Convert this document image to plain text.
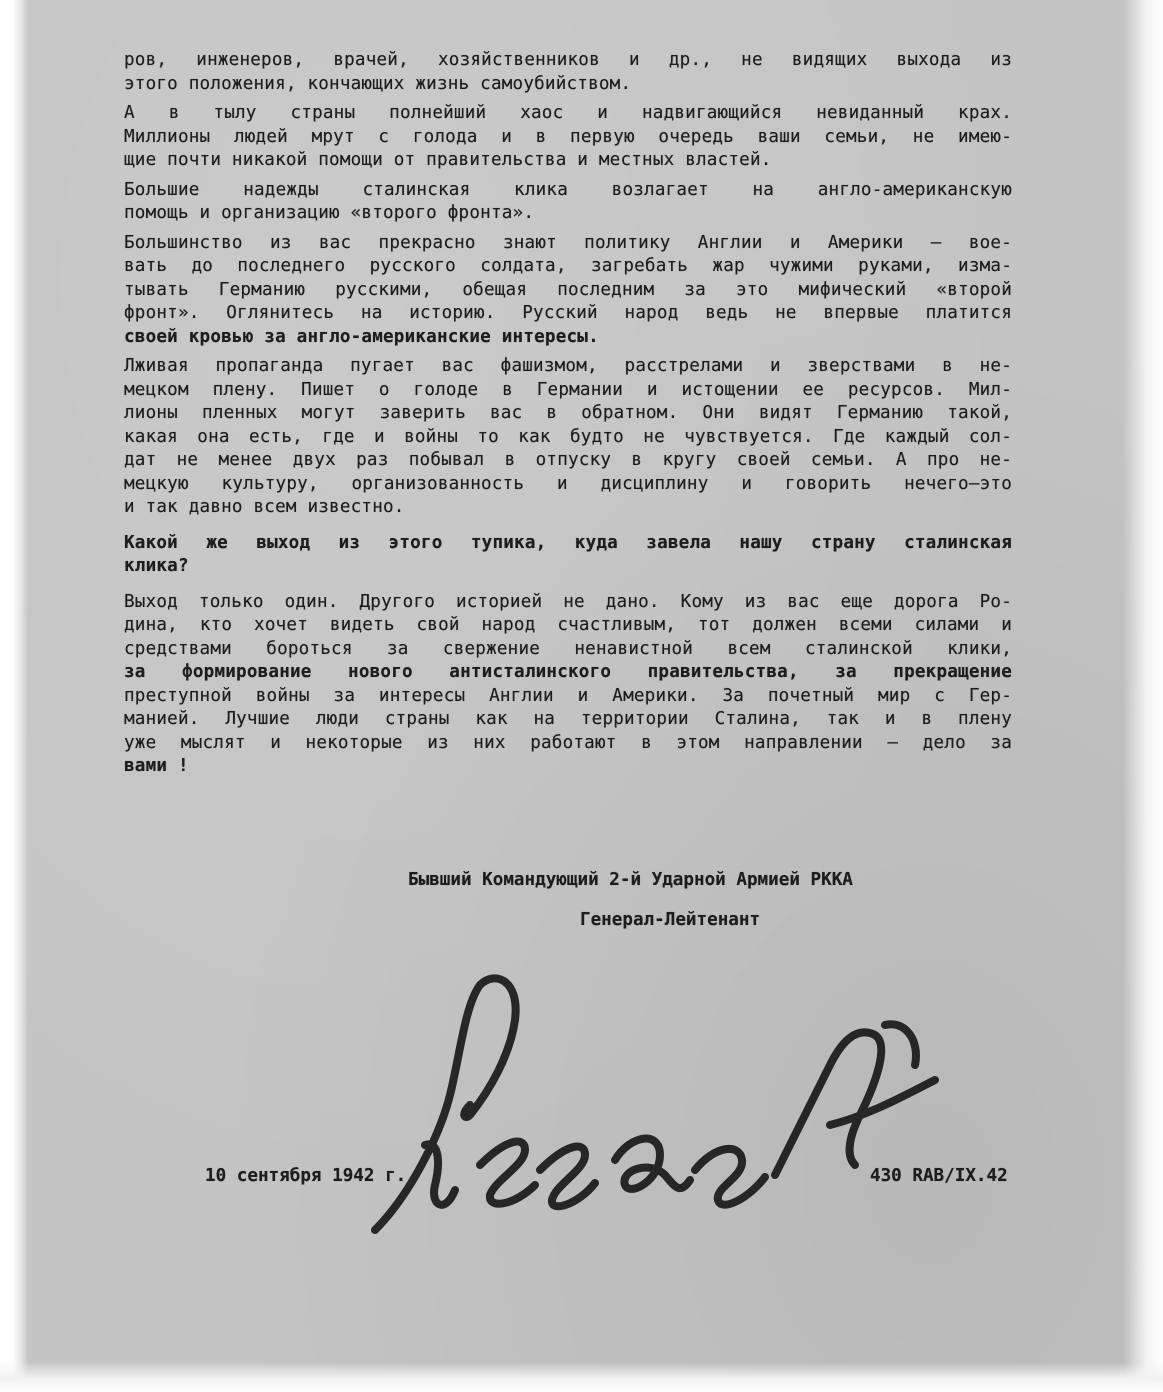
ров, инженеров, врачей, хозяйственников и др., не видящих выхода из
этого положения, кончающих жизнь самоубийством.
А в тылу страны полнейший хаос и надвигающийся невиданный крах.
Миллионы людей мрут с голода и в первую очередь ваши семьи, не имею-
щие почти никакой помощи от правительства и местных властей.
Большие надежды сталинская клика возлагает на англо-американскую
помощь и организацию «второго фронта».
Большинство из вас прекрасно знают политику Англии и Америки — вое-
вать до последнего русского солдата, загребать жар чужими руками, изма-
тывать Германию русскими, обещая последним за это мифический «второй
фронт». Оглянитесь на историю. Русский народ ведь не впервые платится
своей кровью за англо-американские интересы.
Лживая пропаганда пугает вас фашизмом, расстрелами и зверствами в не-
мецком плену. Пишет о голоде в Германии и истощении ее ресурсов. Мил-
лионы пленных могут заверить вас в обратном. Они видят Германию такой,
какая она есть, где и войны то как будто не чувствуется. Где каждый сол-
дат не менее двух раз побывал в отпуску в кругу своей семьи. А про не-
мецкую культуру, организованность и дисциплину и говорить нечего—это
и так давно всем известно.
Какой же выход из этого тупика, куда завела нашу страну сталинская
клика?
Выход только один. Другого историей не дано. Кому из вас еще дорога Ро-
дина, кто хочет видеть свой народ счастливым, тот должен всеми силами и
средствами бороться за свержение ненавистной всем сталинской клики,
за формирование нового антисталинского правительства, за прекращение
преступной войны за интересы Англии и Америки. За почетный мир с Гер-
манией. Лучшие люди страны как на территории Сталина, так и в плену
уже мыслят и некоторые из них работают в этом направлении — дело за
вами !
Бывший Командующий 2-й Ударной Армией РККА
Генерал-Лейтенант
10 сентября 1942 г.	430 RAB/IX.42
